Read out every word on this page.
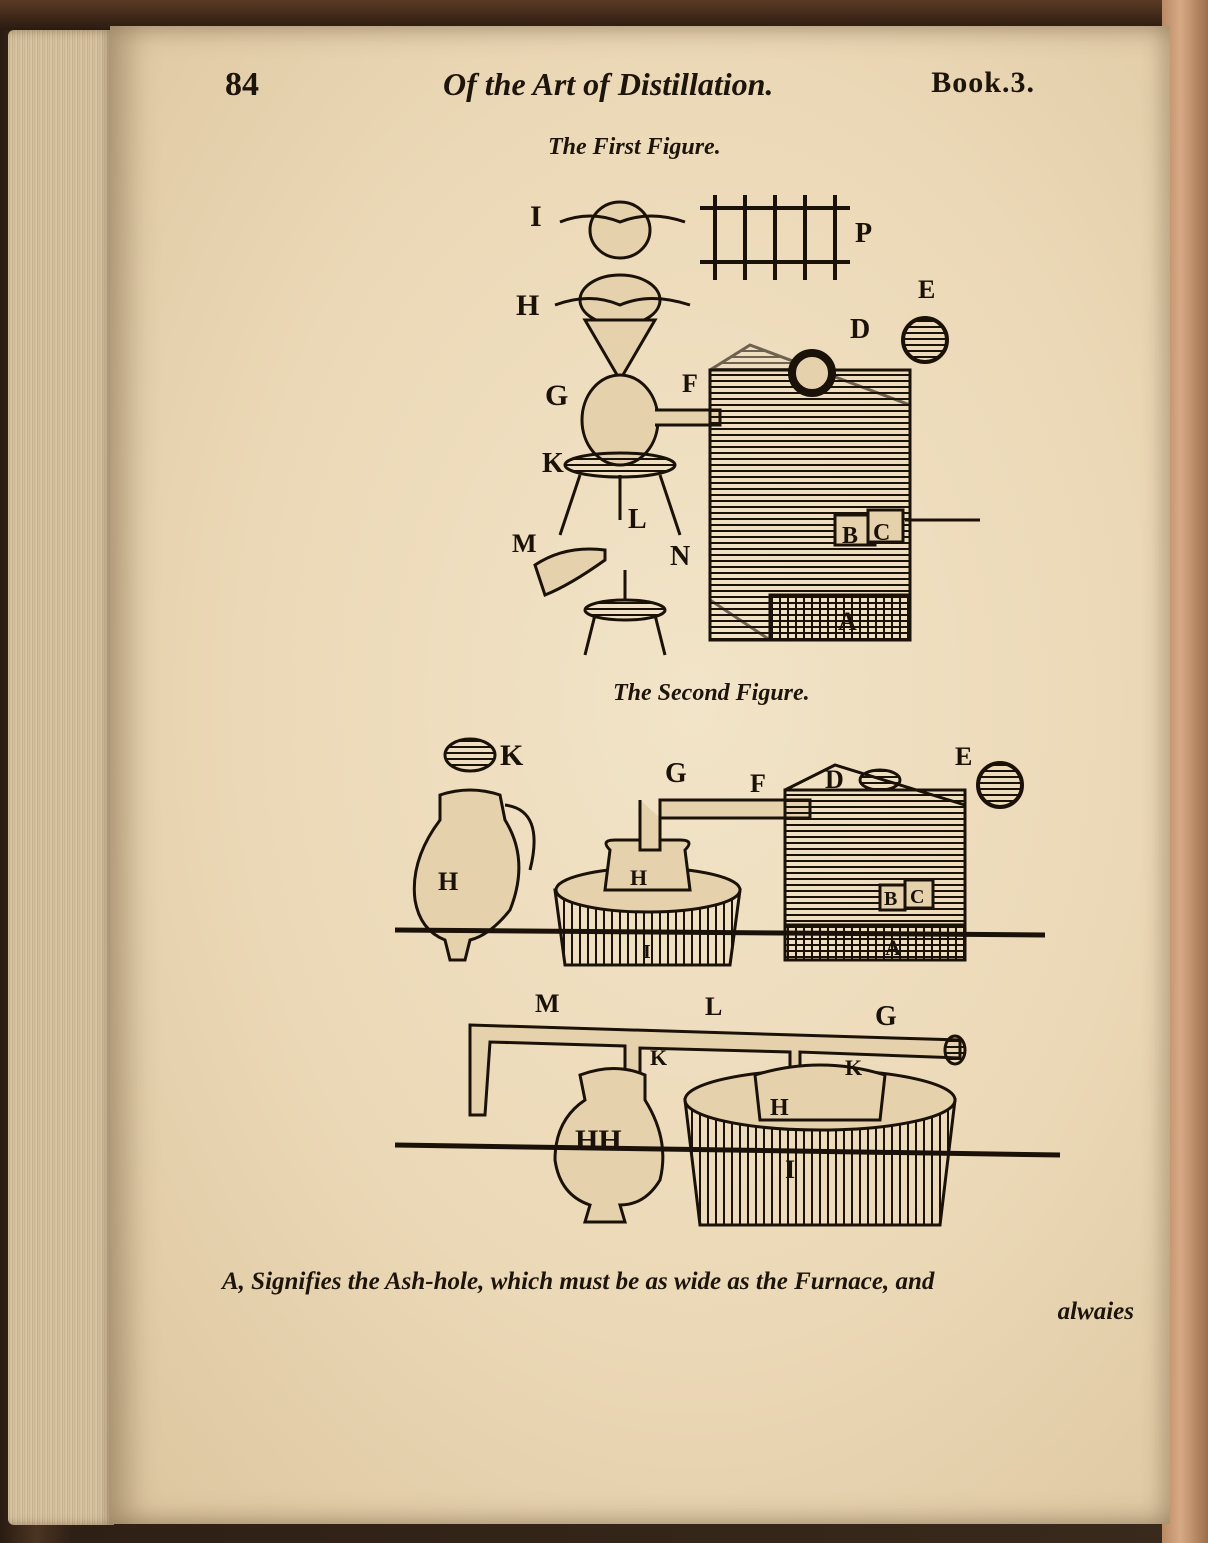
84	Of the Art of Distillation.	Book.3.
The First Figure.
The Second Figure.
I
P
H	E
D
G	F
K
L
M	N
B C
A
K	E
G F D
H	H
B C
I	A
M	L	G
K	K
H
HH
I
A, Signifies the Ash-hole, which must be as wide as the Furnace, and
alwaies
